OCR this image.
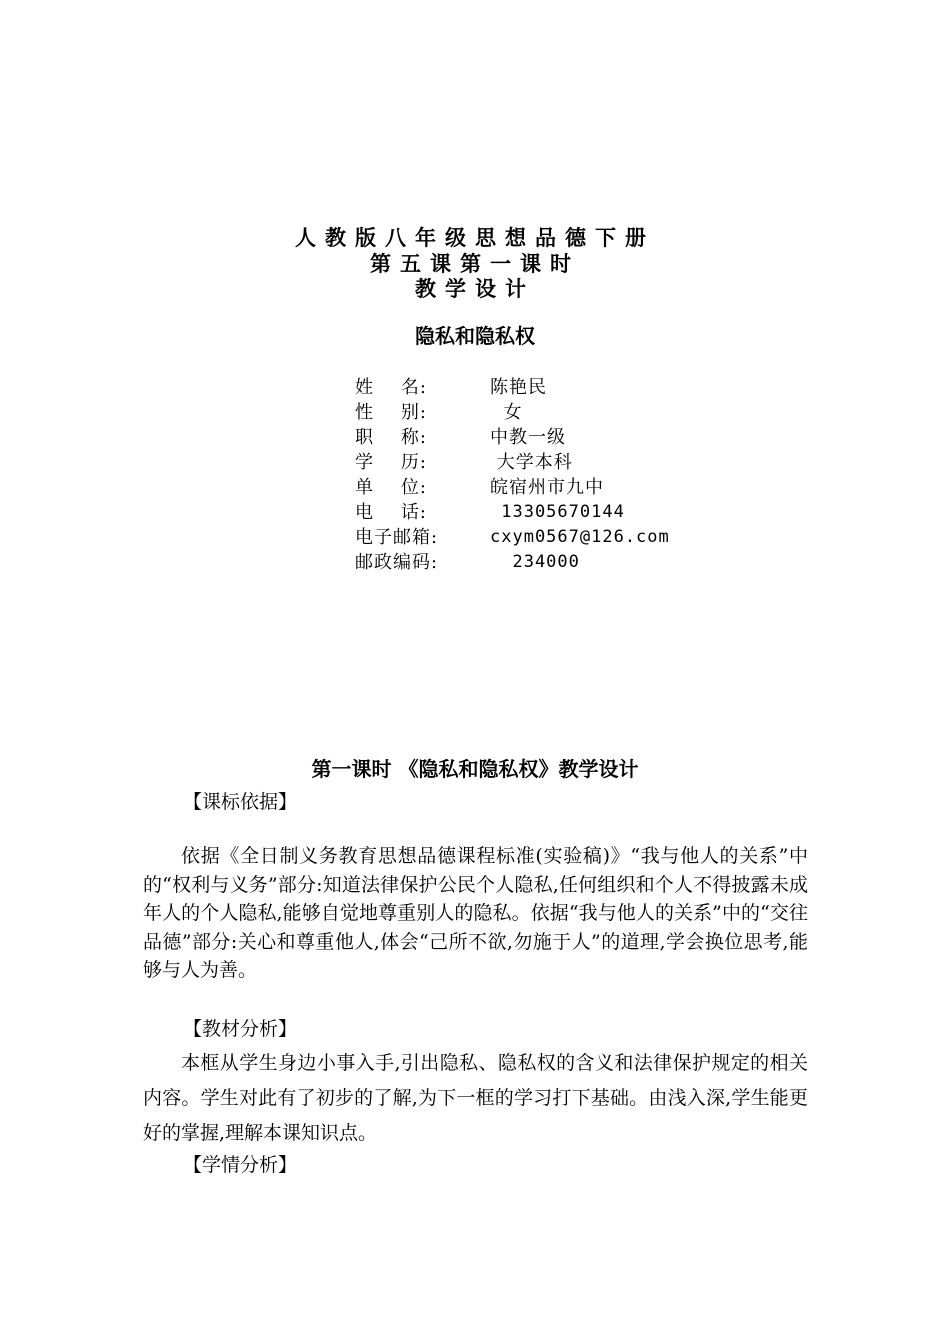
人教版八年级思想品德下册
第五课第一课时
教学设计
隐私和隐私权
姓    名:	陈艳民
性    别:	女
职    称:	中教一级
学    历:	大学本科
单    位:	皖宿州市九中
电    话:	13305670144
电子邮箱:	cxym0567@126.com
邮政编码:	234000
第一课时 《隐私和隐私权》教学设计
【课标依据】
依据《全日制义务教育思想品德课程标准(实验稿)》“我与他人的关系”中的“权利与义务”部分:知道法律保护公民个人隐私,任何组织和个人不得披露未成年人的个人隐私,能够自觉地尊重别人的隐私。依据“我与他人的关系”中的“交往品德”部分:关心和尊重他人,体会“己所不欲,勿施于人”的道理,学会换位思考,能够与人为善。
【教材分析】
本框从学生身边小事入手,引出隐私、隐私权的含义和法律保护规定的相关内容。学生对此有了初步的了解,为下一框的学习打下基础。由浅入深,学生能更好的掌握,理解本课知识点。
【学情分析】
